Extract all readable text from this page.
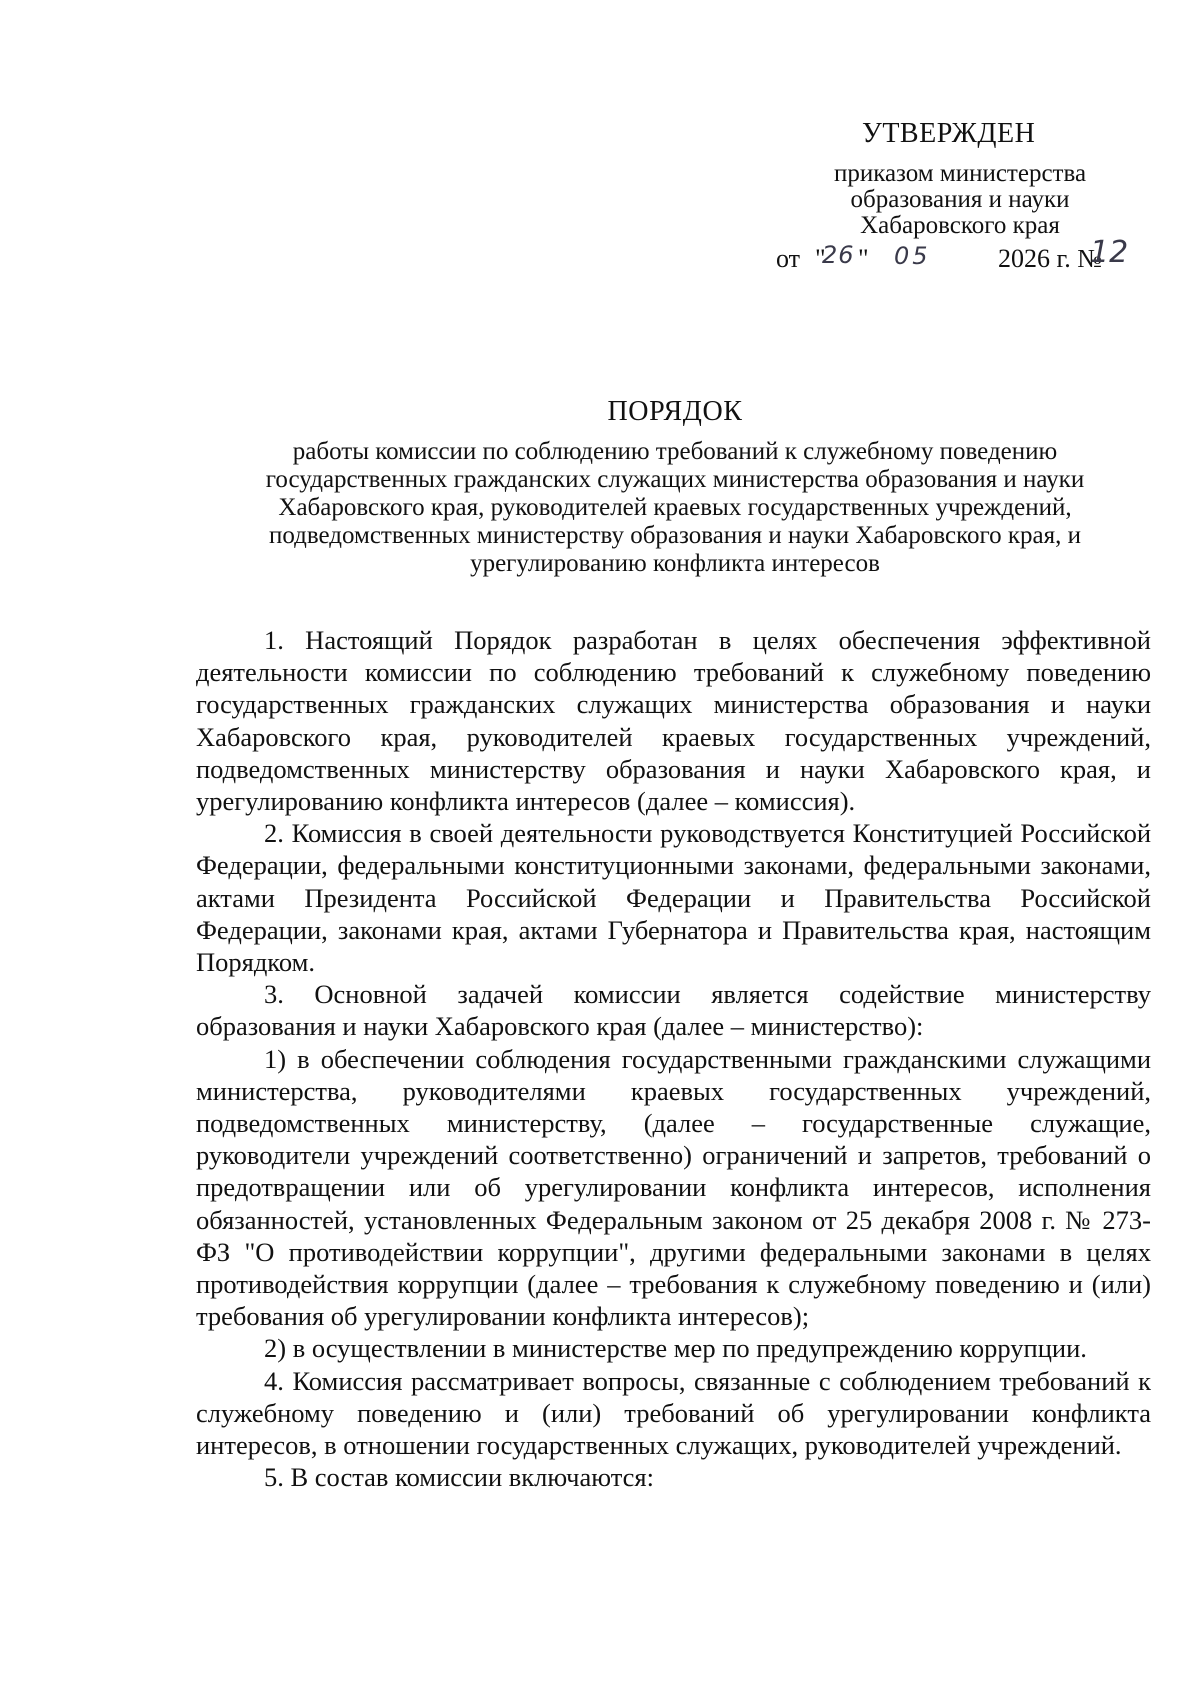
УТВЕРЖДЕН
приказом министерства
образования и науки
Хабаровского края
от "
26 " 05	2026 г. №
12
ПОРЯДОК
работы комиссии по соблюдению требований к служебному поведению
государственных гражданских служащих министерства образования и науки
Хабаровского края, руководителей краевых государственных учреждений,
подведомственных министерству образования и науки Хабаровского края, и
урегулированию конфликта интересов

1. Настоящий Порядок разработан в целях обеспечения эффективной деятельности комиссии по соблюдению требований к служебному поведению государственных гражданских служащих министерства образования и науки Хабаровского края, руководителей краевых государственных учреждений, подведомственных министерству образования и науки Хабаровского края, и урегулированию конфликта интересов (далее – комиссия).

2. Комиссия в своей деятельности руководствуется Конституцией Российской Федерации, федеральными конституционными законами, федеральными законами, актами Президента Российской Федерации и Правительства Российской Федерации, законами края, актами Губернатора и Правительства края, настоящим Порядком.

3. Основной задачей комиссии является содействие министерству образования и науки Хабаровского края (далее – министерство):

1) в обеспечении соблюдения государственными гражданскими служащими министерства, руководителями краевых государственных учреждений, подведомственных министерству, (далее – государственные служащие, руководители учреждений соответственно) ограничений и запретов, требований о предотвращении или об урегулировании конфликта интересов, исполнения обязанностей, установленных Федеральным законом от 25 декабря 2008 г. № 273-ФЗ "О противодействии коррупции", другими федеральными законами в целях противодействия коррупции (далее – требования к служебному поведению и (или) требования об урегулировании конфликта интересов);

2) в осуществлении в министерстве мер по предупреждению коррупции.

4. Комиссия рассматривает вопросы, связанные с соблюдением требований к служебному поведению и (или) требований об урегулировании конфликта интересов, в отношении государственных служащих, руководителей учреждений.

5. В состав комиссии включаются:
